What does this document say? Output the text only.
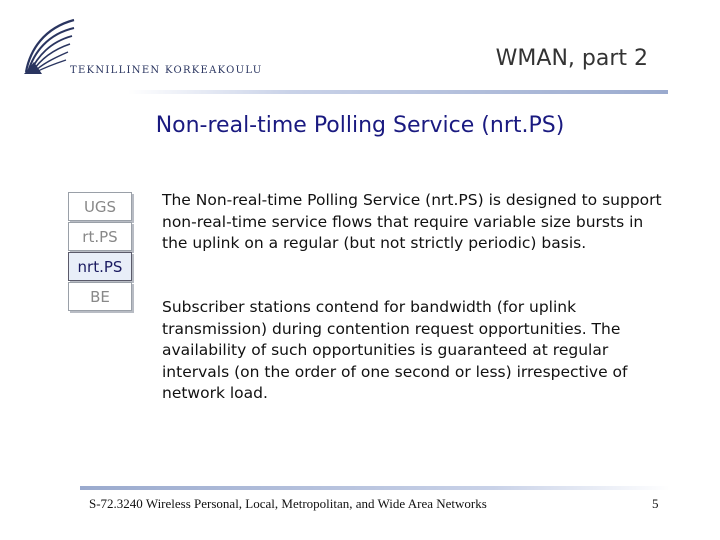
TEKNILLINEN KORKEAKOULU	WMAN, part 2
Non-real-time Polling Service (nrt.PS)
UGS
rt.PS
nrt.PS
BE
The Non-real-time Polling Service (nrt.PS) is designed to support non-real-time service flows that require variable size bursts in the uplink on a regular (but not strictly periodic) basis.
Subscriber stations contend for bandwidth (for uplink transmission) during contention request opportunities. The availability of such opportunities is guaranteed at regular intervals (on the order of one second or less) irrespective of network load.
S-72.3240 Wireless Personal, Local, Metropolitan, and Wide Area Networks	5
